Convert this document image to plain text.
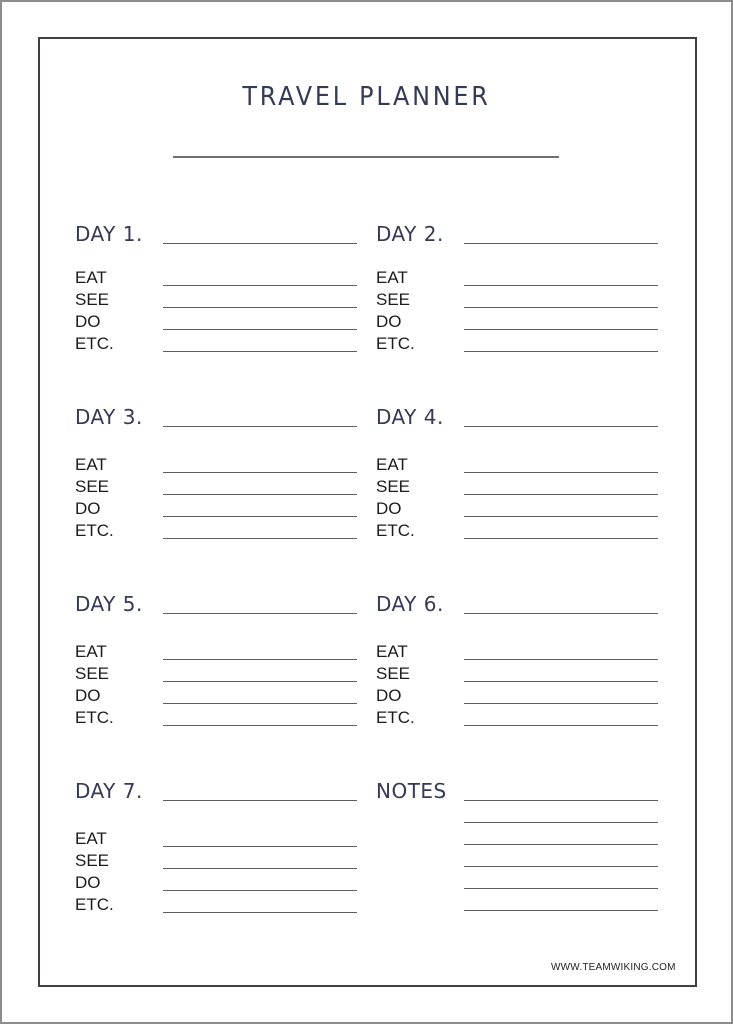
TRAVEL PLANNER
DAY 1.
EAT
SEE
DO
ETC.
DAY 2.
EAT
SEE
DO
ETC.
DAY 3.
EAT
SEE
DO
ETC.
DAY 4.
EAT
SEE
DO
ETC.
DAY 5.
EAT
SEE
DO
ETC.
DAY 6.
EAT
SEE
DO
ETC.
DAY 7.
EAT
SEE
DO
ETC.
NOTES
WWW.TEAMWIKING.COM
